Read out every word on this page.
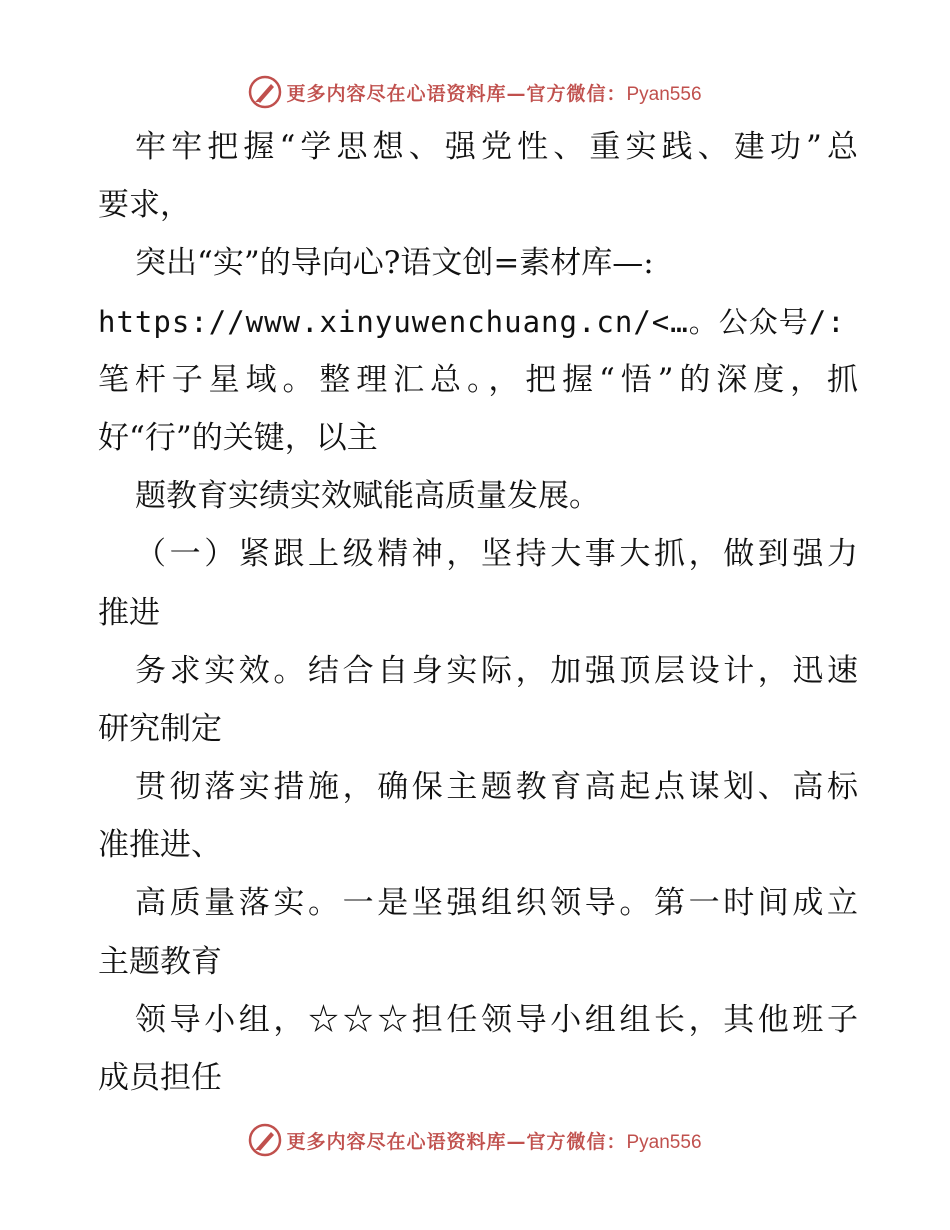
更多内容尽在心语资料库—官方微信：Pyan556
牢牢把握“学思想、强党性、重实践、建功”总
要求，
突出“实”的导向心?语文创=素材库—:
https://www.xinyuwenchuang.cn/<…。公众号/:
笔杆子星域。整理汇总。，把握“悟”的深度，抓
好“行”的关键，以主
题教育实绩实效赋能高质量发展。
（一）紧跟上级精神，坚持大事大抓，做到强力
推进
务求实效。结合自身实际，加强顶层设计，迅速
研究制定
贯彻落实措施，确保主题教育高起点谋划、高标
准推进、
高质量落实。一是坚强组织领导。第一时间成立
主题教育
领导小组，☆☆☆担任领导小组组长，其他班子
成员担任
更多内容尽在心语资料库—官方微信：Pyan556
